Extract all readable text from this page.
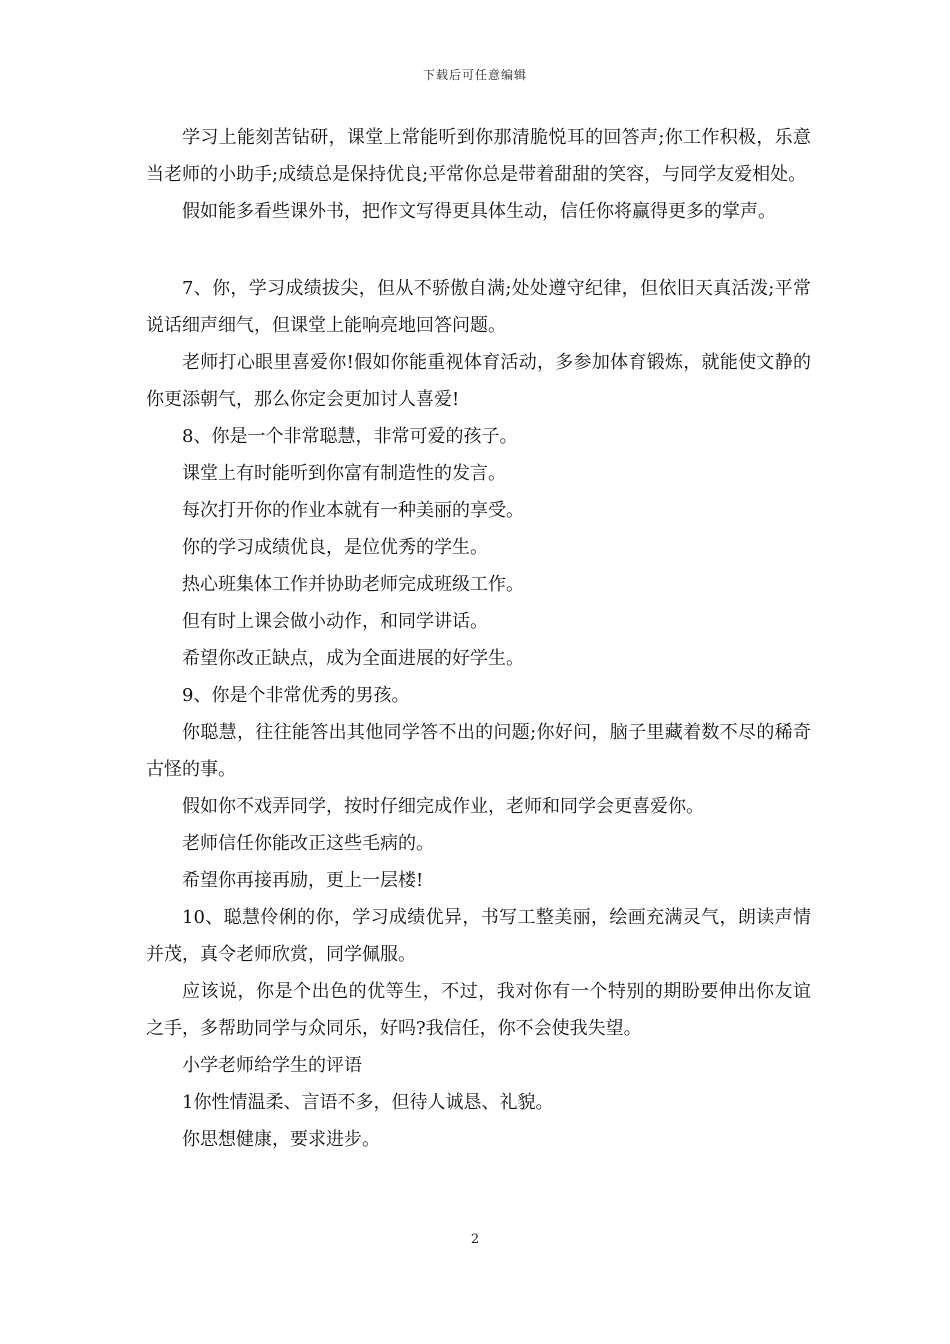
下载后可任意编辑

学习上能刻苦钻研，课堂上常能听到你那清脆悦耳的回答声;你工作积极，乐意当老师的小助手;成绩总是保持优良;平常你总是带着甜甜的笑容，与同学友爱相处。

假如能多看些课外书，把作文写得更具体生动，信任你将赢得更多的掌声。

7、你，学习成绩拔尖，但从不骄傲自满;处处遵守纪律，但依旧天真活泼;平常说话细声细气，但课堂上能响亮地回答问题。

老师打心眼里喜爱你!假如你能重视体育活动，多参加体育锻炼，就能使文静的你更添朝气，那么你定会更加讨人喜爱!

8、你是一个非常聪慧，非常可爱的孩子。

课堂上有时能听到你富有制造性的发言。

每次打开你的作业本就有一种美丽的享受。

你的学习成绩优良，是位优秀的学生。

热心班集体工作并协助老师完成班级工作。

但有时上课会做小动作，和同学讲话。

希望你改正缺点，成为全面进展的好学生。

9、你是个非常优秀的男孩。

你聪慧，往往能答出其他同学答不出的问题;你好问，脑子里藏着数不尽的稀奇古怪的事。

假如你不戏弄同学，按时仔细完成作业，老师和同学会更喜爱你。

老师信任你能改正这些毛病的。

希望你再接再励，更上一层楼!

10、聪慧伶俐的你，学习成绩优异，书写工整美丽，绘画充满灵气，朗读声情并茂，真令老师欣赏，同学佩服。

应该说，你是个出色的优等生，不过，我对你有一个特别的期盼要伸出你友谊之手，多帮助同学与众同乐，好吗?我信任，你不会使我失望。

小学老师给学生的评语

1你性情温柔、言语不多，但待人诚恳、礼貌。

你思想健康，要求进步。

2
